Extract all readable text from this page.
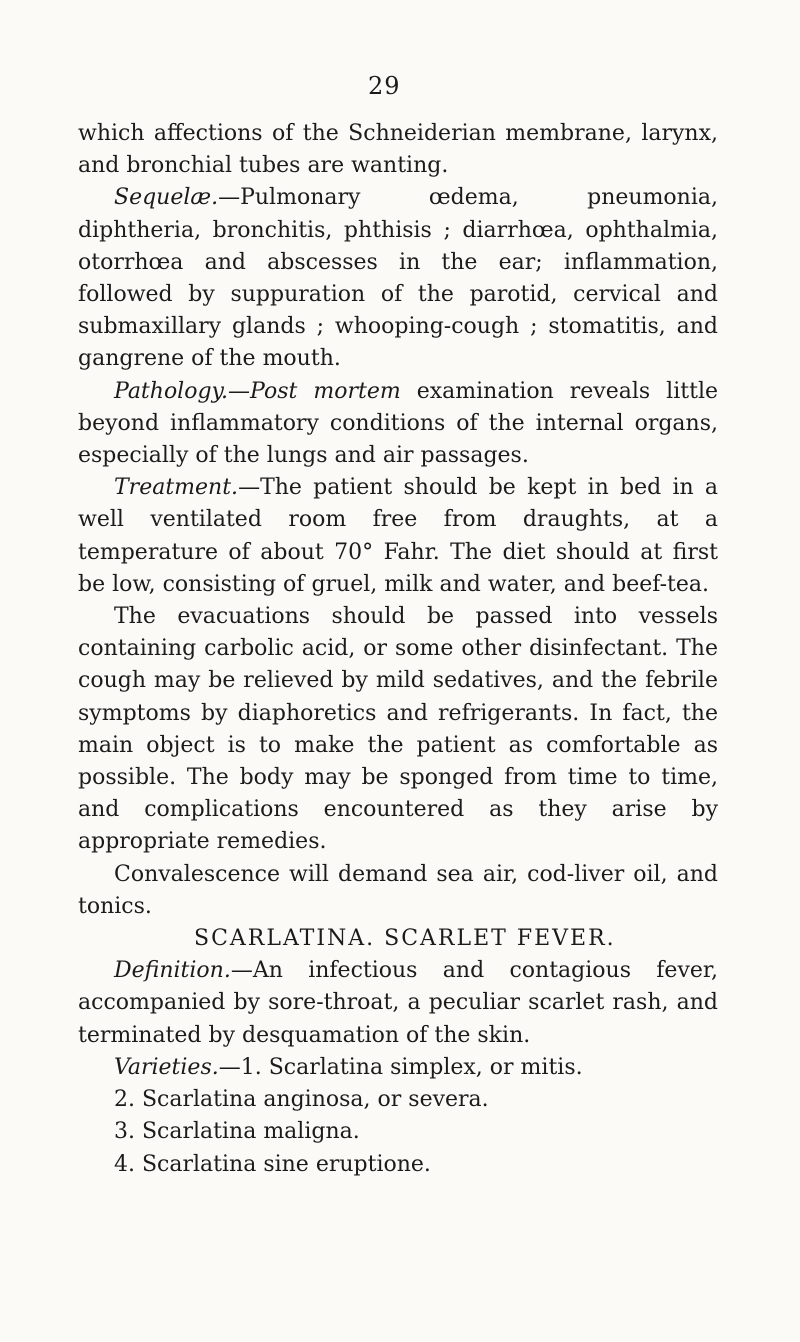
29

which affections of the Schneiderian membrane, larynx, and bronchial tubes are wanting.

Sequelæ.—Pulmonary œdema, pneumonia, diphtheria, bronchitis, phthisis ; diarrhœa, ophthalmia, otorrhœa and abscesses in the ear; inflammation, followed by suppuration of the parotid, cervical and submaxillary glands ; whooping-cough ; stomatitis, and gangrene of the mouth.

Pathology.—Post mortem examination reveals little beyond inflammatory conditions of the internal organs, especially of the lungs and air passages.

Treatment.—The patient should be kept in bed in a well ventilated room free from draughts, at a temperature of about 70° Fahr. The diet should at first be low, consisting of gruel, milk and water, and beef-tea.

The evacuations should be passed into vessels containing carbolic acid, or some other disinfectant. The cough may be relieved by mild sedatives, and the febrile symptoms by diaphoretics and refrigerants. In fact, the main object is to make the patient as comfortable as possible. The body may be sponged from time to time, and complications encountered as they arise by appropriate remedies.

Convalescence will demand sea air, cod-liver oil, and tonics.

SCARLATINA. SCARLET FEVER.

Definition.—An infectious and contagious fever, accompanied by sore-throat, a peculiar scarlet rash, and terminated by desquamation of the skin.

Varieties.—1. Scarlatina simplex, or mitis.

2. Scarlatina anginosa, or severa.

3. Scarlatina maligna.

4. Scarlatina sine eruptione.
